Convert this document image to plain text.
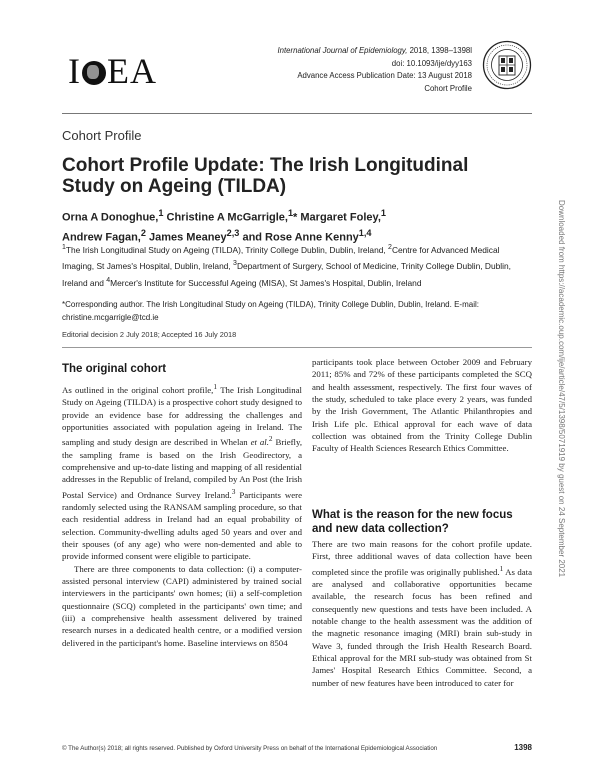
I EA
International Journal of Epidemiology, 2018, 1398–1398l
doi: 10.1093/ije/dyy163
Advance Access Publication Date: 13 August 2018
Cohort Profile
Cohort Profile
Cohort Profile Update: The Irish Longitudinal Study on Ageing (TILDA)
Orna A Donoghue,$^1$ Christine A McGarrigle,$^1$* Margaret Foley,$^1$
Andrew Fagan,$^2$ James Meaney$^{2,3}$ and Rose Anne Kenny$^{1,4}$
$^1$The Irish Longitudinal Study on Ageing (TILDA), Trinity College Dublin, Dublin, Ireland, $^2$Centre for Advanced Medical Imaging, St James's Hospital, Dublin, Ireland, $^3$Department of Surgery, School of Medicine, Trinity College Dublin, Dublin, Ireland and $^4$Mercer's Institute for Successful Ageing (MISA), St James's Hospital, Dublin, Ireland
*Corresponding author. The Irish Longitudinal Study on Ageing (TILDA), Trinity College Dublin, Dublin, Ireland. E-mail: christine.mcgarrigle@tcd.ie
Editorial decision 2 July 2018; Accepted 16 July 2018
The original cohort

As outlined in the original cohort profile,$^1$ The Irish Longitudinal Study on Ageing (TILDA) is a prospective cohort study designed to provide an evidence base for addressing the challenges and opportunities associated with population ageing in Ireland. The sampling and study design are described in Whelan et al.$^2$ Briefly, the sampling frame is based on the Irish Geodirectory, a comprehensive and up-to-date listing and mapping of all residential addresses in the Republic of Ireland, compiled by An Post (the Irish Postal Service) and Ordnance Survey Ireland.$^3$ Participants were randomly selected using the RANSAM sampling procedure, so that each residential address in Ireland had an equal probability of selection. Community-dwelling adults aged 50 years and over and their spouses (of any age) who were non-demented and able to provide informed consent were eligible to participate.

There are three components to data collection: (i) a computer-assisted personal interview (CAPI) administered by trained social interviewers in the participants' own homes; (ii) a self-completion questionnaire (SCQ) completed in the participants' own time; and (iii) a comprehensive health assessment delivered by trained research nurses in a dedicated health centre, or a modified version delivered in the participant's home. Baseline interviews on 8504

participants took place between October 2009 and February 2011; 85% and 72% of these participants completed the SCQ and health assessment, respectively. The first four waves of the study, scheduled to take place every 2 years, was funded by the Irish Government, The Atlantic Philanthropies and Irish Life plc. Ethical approval for each wave of data collection was obtained from the Trinity College Dublin Faculty of Health Sciences Research Ethics Committee.

What is the reason for the new focus and new data collection?

There are two main reasons for the cohort profile update. First, three additional waves of data collection have been completed since the profile was originally published.$^1$ As data are analysed and collaborative opportunities became available, the research focus has been refined and consequently new questions and tests have been included. A notable change to the health assessment was the addition of the magnetic resonance imaging (MRI) brain sub-study in Wave 3, funded through the Irish Health Research Board. Ethical approval for the MRI sub-study was obtained from St James' Hospital Research Ethics Committee. Second, a number of new features have been introduced to cater for

Downloaded from https://academic.oup.com/ije/article/47/5/1398/5071919 by guest on 24 September 2021
© The Author(s) 2018; all rights reserved. Published by Oxford University Press on behalf of the International Epidemiological Association	1398
